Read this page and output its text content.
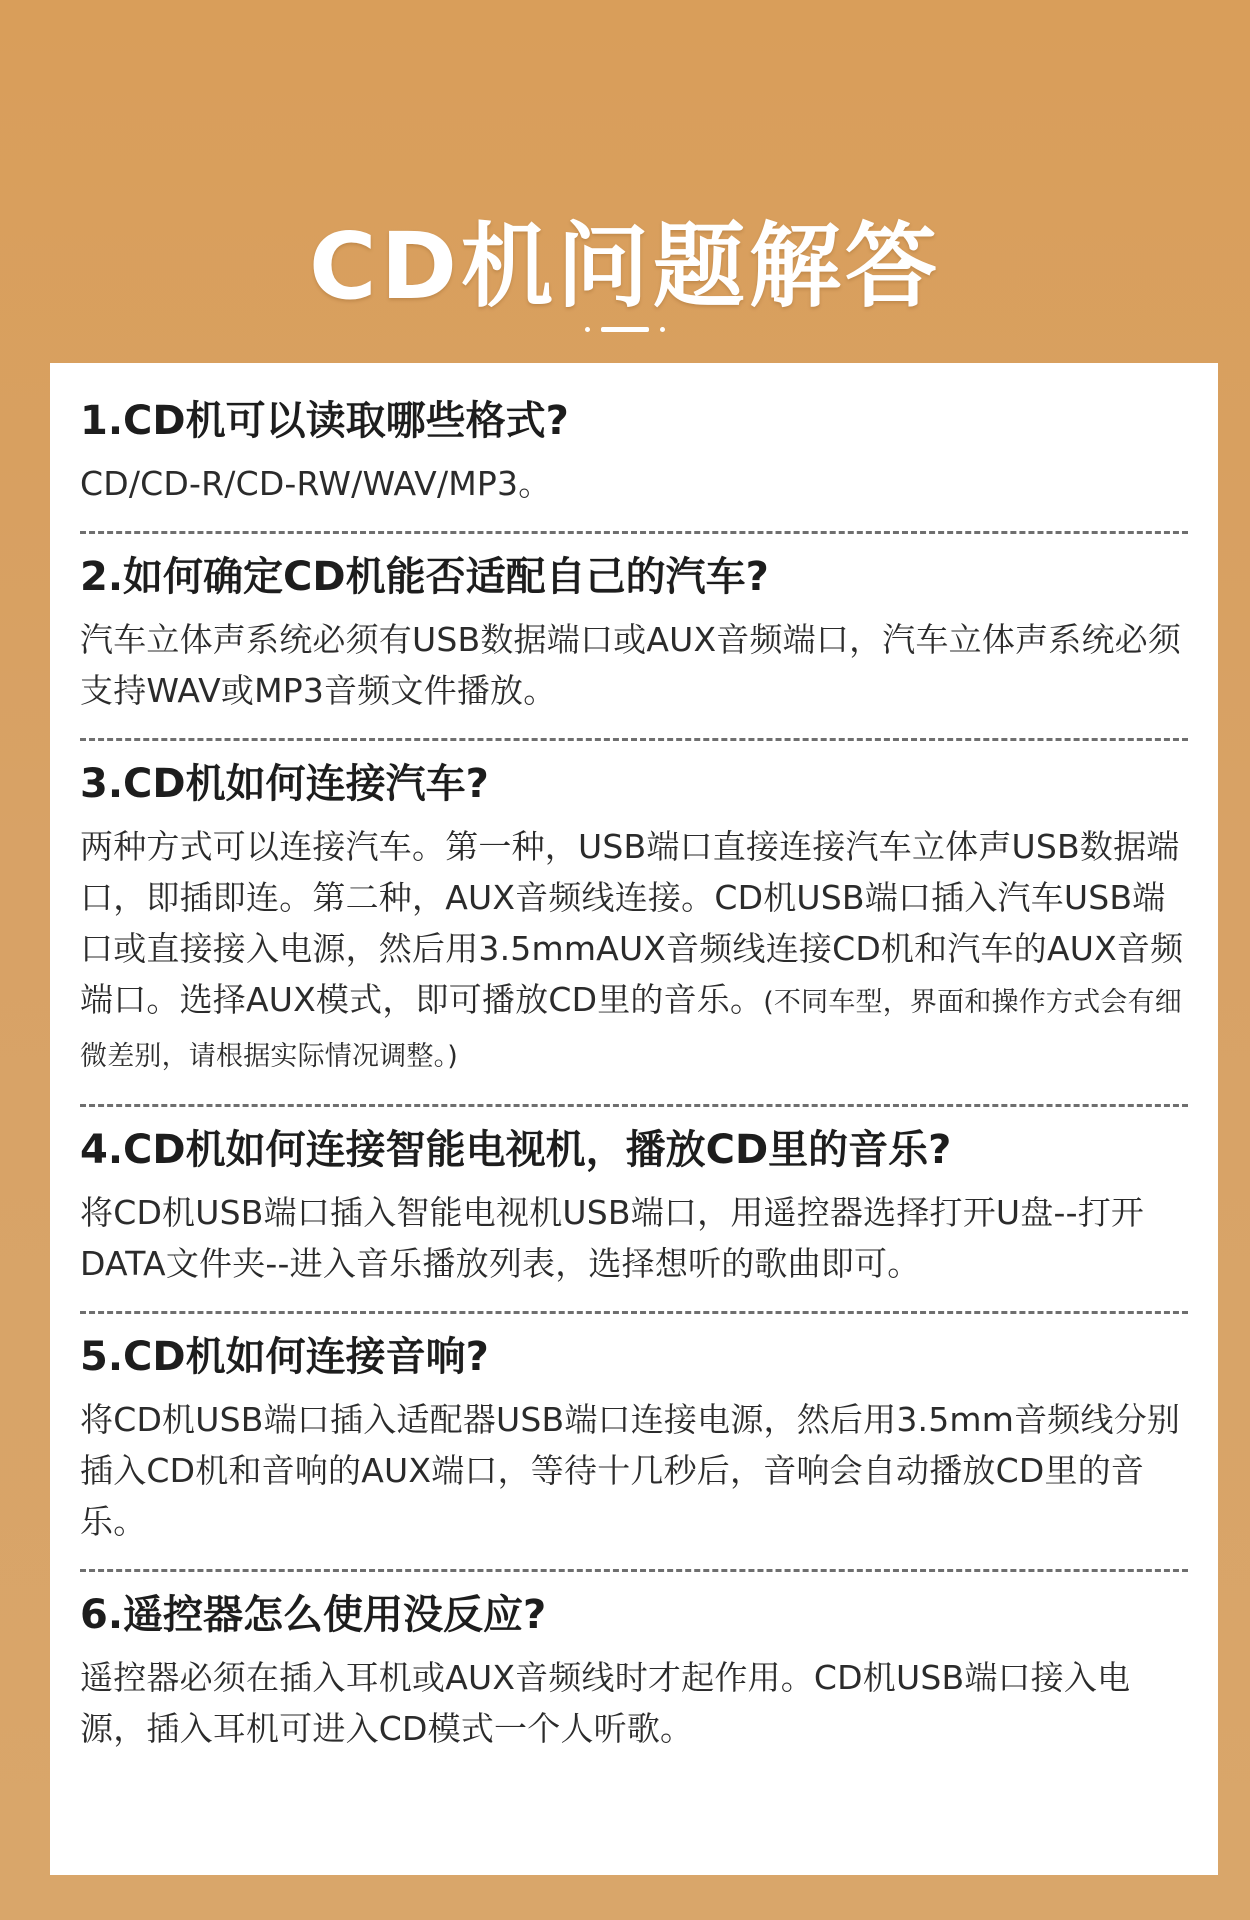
CD机问题解答

1.CD机可以读取哪些格式?

CD/CD-R/CD-RW/WAV/MP3。

2.如何确定CD机能否适配自己的汽车?

汽车立体声系统必须有USB数据端口或AUX音频端口，汽车立体声系统必须支持WAV或MP3音频文件播放。

3.CD机如何连接汽车?

两种方式可以连接汽车。第一种，USB端口直接连接汽车立体声USB数据端口，即插即连。第二种，AUX音频线连接。CD机USB端口插入汽车USB端口或直接接入电源，然后用3.5mmAUX音频线连接CD机和汽车的AUX音频端口。选择AUX模式，即可播放CD里的音乐。(不同车型，界面和操作方式会有细微差别，请根据实际情况调整。)

4.CD机如何连接智能电视机，播放CD里的音乐?

将CD机USB端口插入智能电视机USB端口，用遥控器选择打开U盘--打开DATA文件夹--进入音乐播放列表，选择想听的歌曲即可。

5.CD机如何连接音响?

将CD机USB端口插入适配器USB端口连接电源，然后用3.5mm音频线分别插入CD机和音响的AUX端口，等待十几秒后，音响会自动播放CD里的音乐。

6.遥控器怎么使用没反应?

遥控器必须在插入耳机或AUX音频线时才起作用。CD机USB端口接入电源，插入耳机可进入CD模式一个人听歌。
